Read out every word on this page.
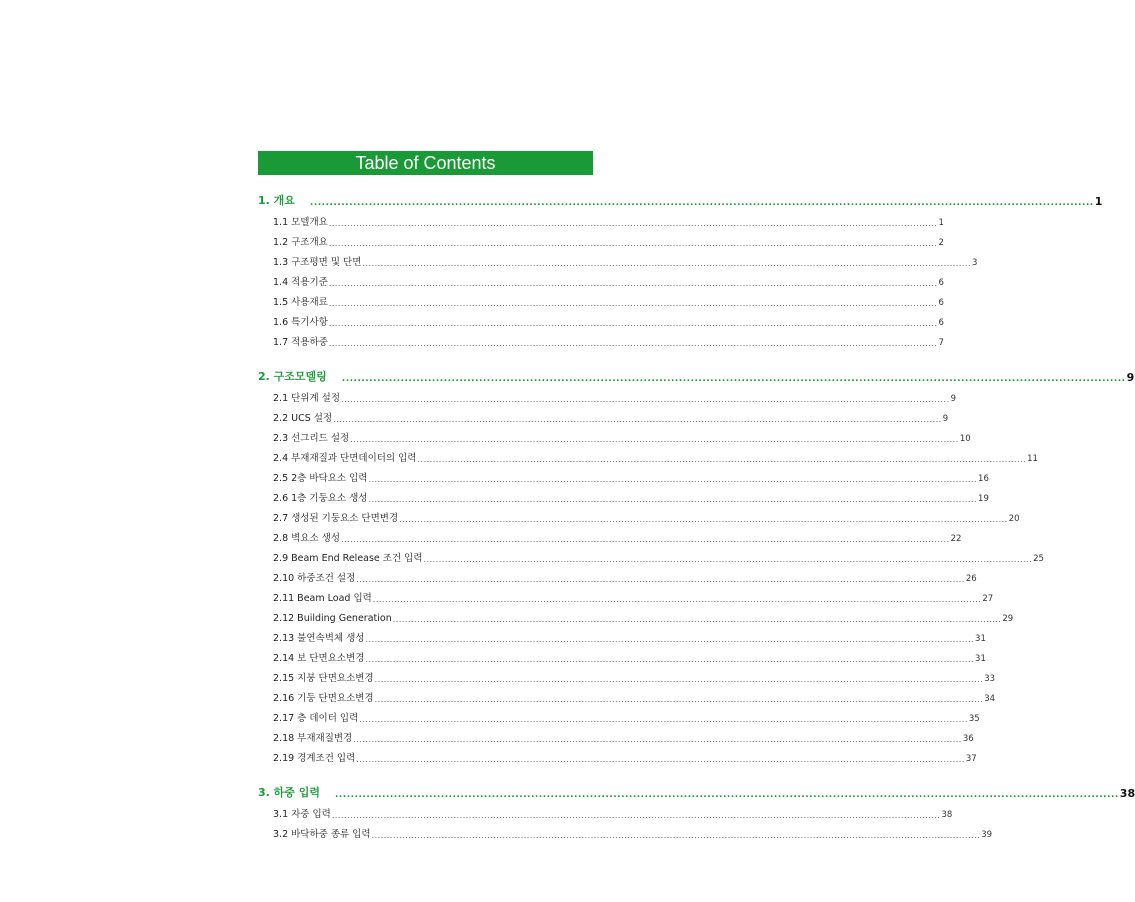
Table of Contents
1. 개요 ........................................................................................................................................................................................................ 1
1.1 모델개요 ........................................................................................................................................................................................................ 1
1.2 구조개요 ........................................................................................................................................................................................................ 2
1.3 구조평면 및 단면 ........................................................................................................................................................................................................ 3
1.4 적용기준 ........................................................................................................................................................................................................ 6
1.5 사용재료 ........................................................................................................................................................................................................ 6
1.6 특기사항 ........................................................................................................................................................................................................ 6
1.7 적용하중 ........................................................................................................................................................................................................ 7
2. 구조모델링 ........................................................................................................................................................................................................ 9
2.1 단위계 설정 ........................................................................................................................................................................................................ 9
2.2 UCS 설정 ........................................................................................................................................................................................................ 9
2.3 선그리드 설정 ........................................................................................................................................................................................................ 10
2.4 부재재질과 단면데이터의 입력 ........................................................................................................................................................................................................ 11
2.5 2층 바닥요소 입력 ........................................................................................................................................................................................................ 16
2.6 1층 기둥요소 생성 ........................................................................................................................................................................................................ 19
2.7 생성된 기둥요소 단면변경 ........................................................................................................................................................................................................ 20
2.8 벽요소 생성 ........................................................................................................................................................................................................ 22
2.9 Beam End Release 조건 입력 ........................................................................................................................................................................................................ 25
2.10 하중조건 설정 ........................................................................................................................................................................................................ 26
2.11 Beam Load 입력 ........................................................................................................................................................................................................ 27
2.12 Building Generation ........................................................................................................................................................................................................ 29
2.13 불연속벽체 생성 ........................................................................................................................................................................................................ 31
2.14 보 단면요소변경 ........................................................................................................................................................................................................ 31
2.15 지붕 단면요소변경 ........................................................................................................................................................................................................ 33
2.16 기둥 단면요소변경 ........................................................................................................................................................................................................ 34
2.17 층 데이터 입력 ........................................................................................................................................................................................................ 35
2.18 부재재질변경 ........................................................................................................................................................................................................ 36
2.19 경계조건 입력 ........................................................................................................................................................................................................ 37
3. 하중 입력 ........................................................................................................................................................................................................ 38
3.1 자중 입력 ........................................................................................................................................................................................................ 38
3.2 바닥하중 종류 입력 ........................................................................................................................................................................................................ 39
